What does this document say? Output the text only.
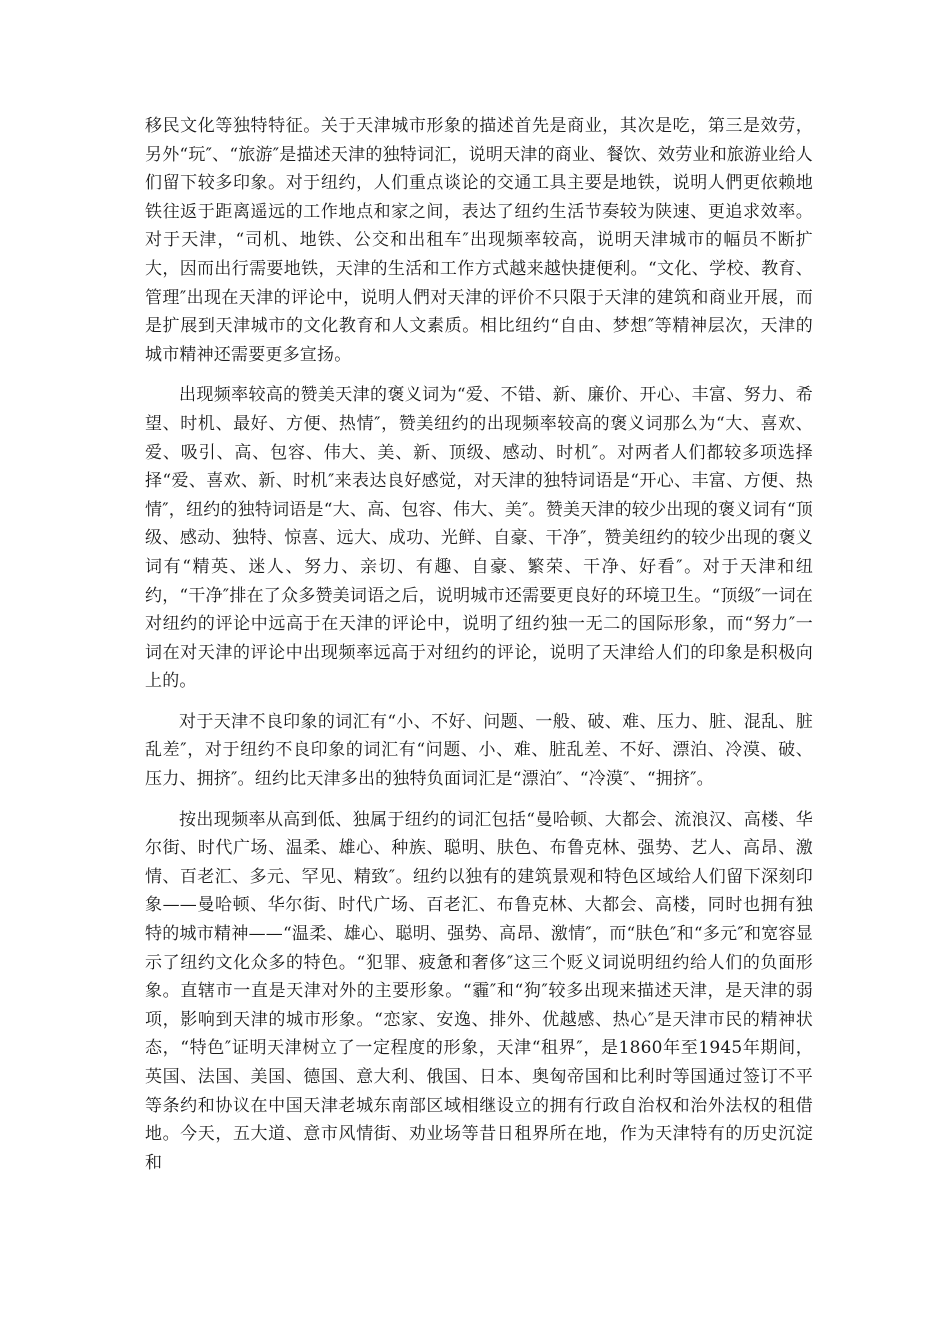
移民文化等独特特征。关于天津城市形象的描述首先是商业，其次是吃，第三是效劳，另外“玩″、“旅游″是描述天津的独特词汇，说明天津的商业、餐饮、效劳业和旅游业给人们留下较多印象。对于纽约，人们重点谈论的交通工具主要是地铁，说明人們更依赖地铁往返于距离遥远的工作地点和家之间，表达了纽约生活节奏较为陕速、更追求效率。对于天津，“司机、地铁、公交和出租车″出现频率较高，说明天津城市的幅员不断扩大，因而出行需要地铁，天津的生活和工作方式越来越快捷便利。“文化、学校、教育、管理″出现在天津的评论中，说明人們对天津的评价不只限于天津的建筑和商业开展，而是扩展到天津城市的文化教育和人文素质。相比纽约“自由、梦想″等精神层次，天津的城市精神还需要更多宣扬。

出现频率较高的赞美天津的褒义词为“爱、不错、新、廉价、开心、丰富、努力、希望、时机、最好、方便、热情″，赞美纽约的出现频率较高的褒义词那么为“大、喜欢、爱、吸引、高、包容、伟大、美、新、顶级、感动、时机″。对两者人们都较多项选择择“爱、喜欢、新、时机″来表达良好感觉，对天津的独特词语是“开心、丰富、方便、热情″，纽约的独特词语是“大、高、包容、伟大、美″。赞美天津的较少出现的褒义词有“顶级、感动、独特、惊喜、远大、成功、光鲜、自豪、干净″，赞美纽约的较少出现的褒义词有“精英、迷人、努力、亲切、有趣、自豪、繁荣、干净、好看″。对于天津和纽约，“干净″排在了众多赞美词语之后，说明城市还需要更良好的环境卫生。“顶级″一词在对纽约的评论中远高于在天津的评论中，说明了纽约独一无二的国际形象，而“努力″一词在对天津的评论中出现频率远高于对纽约的评论，说明了天津给人们的印象是积极向上的。

对于天津不良印象的词汇有“小、不好、问题、一般、破、难、压力、脏、混乱、脏乱差″，对于纽约不良印象的词汇有“问题、小、难、脏乱差、不好、漂泊、冷漠、破、压力、拥挤″。纽约比天津多出的独特负面词汇是“漂泊″、“冷漠″、“拥挤″。

按出现频率从高到低、独属于纽约的词汇包括“曼哈顿、大都会、流浪汉、高楼、华尔街、时代广场、温柔、雄心、种族、聪明、肤色、布鲁克林、强势、艺人、高昂、激情、百老汇、多元、罕见、精致″。纽约以独有的建筑景观和特色区域给人们留下深刻印象——曼哈顿、华尔街、时代广场、百老汇、布鲁克林、大都会、高楼，同时也拥有独特的城市精神——“温柔、雄心、聪明、强势、高昂、激情″，而“肤色″和“多元″和宽容显示了纽约文化众多的特色。“犯罪、疲惫和奢侈″这三个贬义词说明纽约给人们的负面形象。直辖市一直是天津对外的主要形象。“霾″和“狗″较多出现来描述天津，是天津的弱项，影响到天津的城市形象。“恋家、安逸、排外、优越感、热心″是天津市民的精神状态，“特色″证明天津树立了一定程度的形象，天津“租界″，是1860年至1945年期间，英国、法国、美国、德国、意大利、俄国、日本、奥匈帝国和比利时等国通过签订不平等条约和协议在中国天津老城东南部区域相继设立的拥有行政自治权和治外法权的租借地。今天，五大道、意市风情街、劝业场等昔日租界所在地，作为天津特有的历史沉淀和
